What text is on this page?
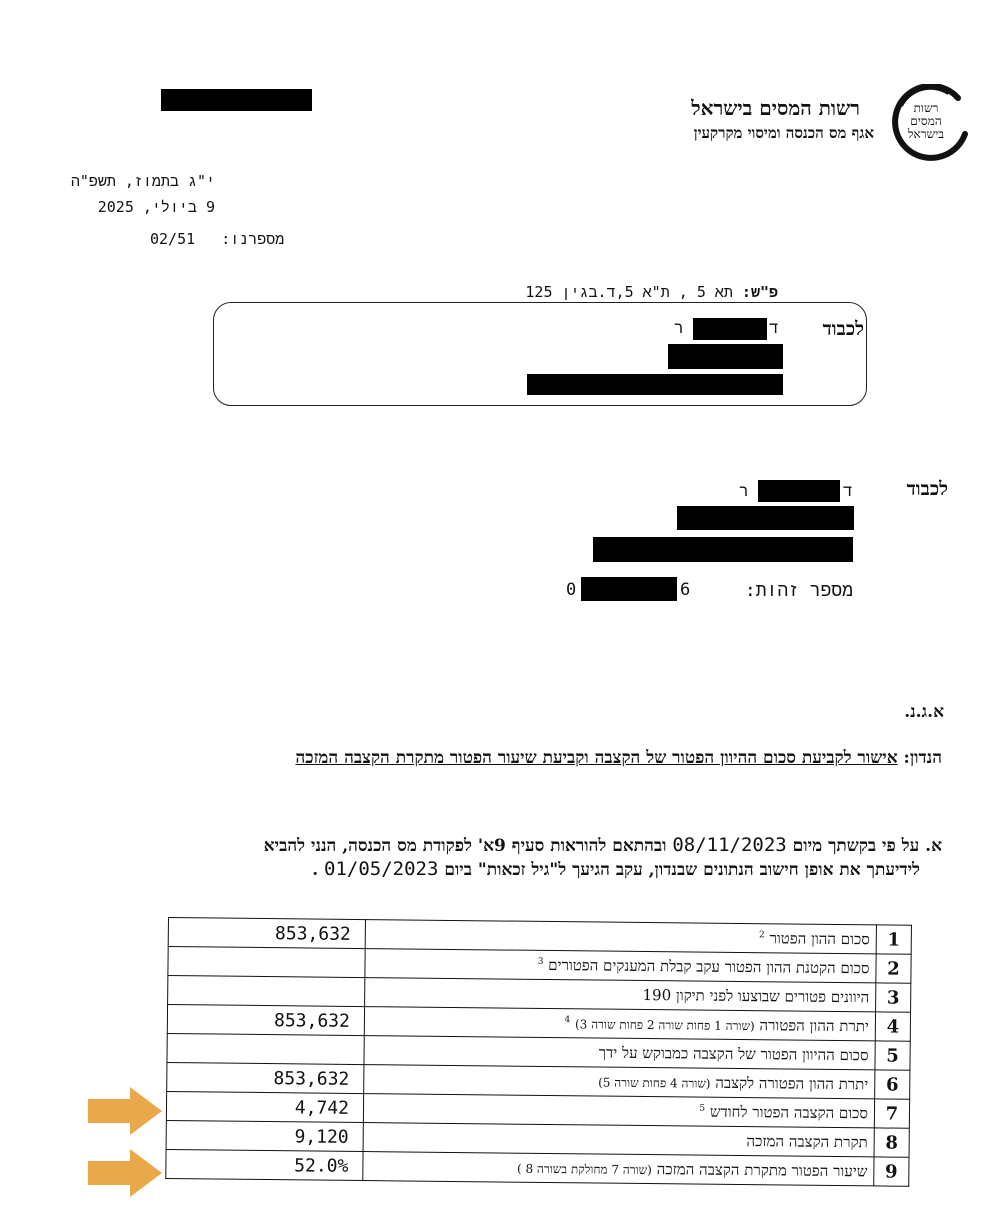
רשות
המסים
בישראל
רשות המסים בישראל
אגף מס הכנסה ומיסוי מקרקעין
י"ג בתמוז, תשפ"ה
9 ביולי, 2025
02/51 מספרנו:
פ"ש: תא 5 , ת"א 5,ד.בגין 125
לכבוד
ד
ר
לכבוד
ד
ר
מספר זהות:
6
0
א.ג.נ.
הנדון: אישור לקביעת סכום ההיוון הפטור של הקצבה וקביעת שיעור הפטור מתקרת הקצבה המזכה
א. על פי בקשתך מיום 08/11/2023 ובהתאם להוראות סעיף 9א' לפקודת מס הכנסה, הנני להביא
לידיעתך את אופן חישוב הנתונים שבנדון, עקב הגיעך ל"גיל זכאות" ביום 01/05/2023 .
853,632	סכום ההון הפטור $^2$	1
	סכום הקטנת ההון הפטור עקב קבלת המענקים הפטורים $^3$	2
	היוונים פטורים שבוצעו לפני תיקון 190	3
853,632	יתרת ההון הפטורה (שורה 1 פחות שורה 2 פחות שורה 3) $^4$	4
	סכום ההיוון הפטור של הקצבה כמבוקש על ידך	5
853,632	יתרת ההון הפטורה לקצבה (שורה 4 פחות שורה 5)	6
4,742	סכום הקצבה הפטור לחודש $^5$	7
9,120	תקרת הקצבה המזכה	8
52.0%	שיעור הפטור מתקרת הקצבה המזכה (שורה 7 מחולקת בשורה 8 )	9
